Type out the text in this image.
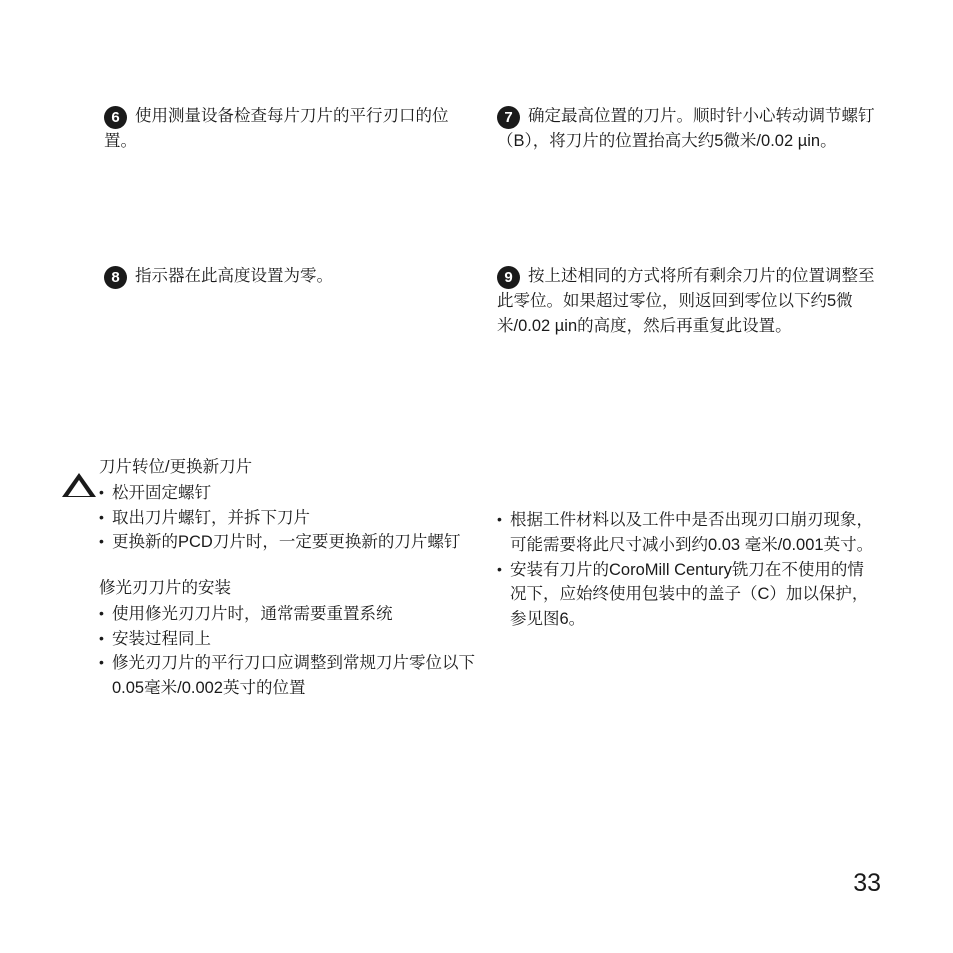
6 使用测量设备检查每片刀片的平行刃口的位置。
7 确定最高位置的刀片。顺时针小心转动调节螺钉（B），将刀片的位置抬高大约5微米/0.02 µin。
8 指示器在此高度设置为零。	9 按上述相同的方式将所有剩余刀片的位置调整至此零位。如果超过零位，则返回到零位以下约5微米/0.02 µin的高度，然后再重复此设置。

刀片转位/更换新刀片

• 松开固定螺钉
• 取出刀片螺钉，并拆下刀片
• 更换新的PCD刀片时，一定要更换新的刀片螺钉

修光刃刀片的安装

• 使用修光刃刀片时，通常需要重置系统
• 安装过程同上
• 修光刃刀片的平行刀口应调整到常规刀片零位以下0.05毫米/0.002英寸的位置
• 根据工件材料以及工件中是否出现刃口崩刃现象，可能需要将此尺寸减小到约0.03 毫米/0.001英寸。
• 安装有刀片的CoroMill Century铣刀在不使用的情况下，应始终使用包装中的盖子（C）加以保护，参见图6。
33
